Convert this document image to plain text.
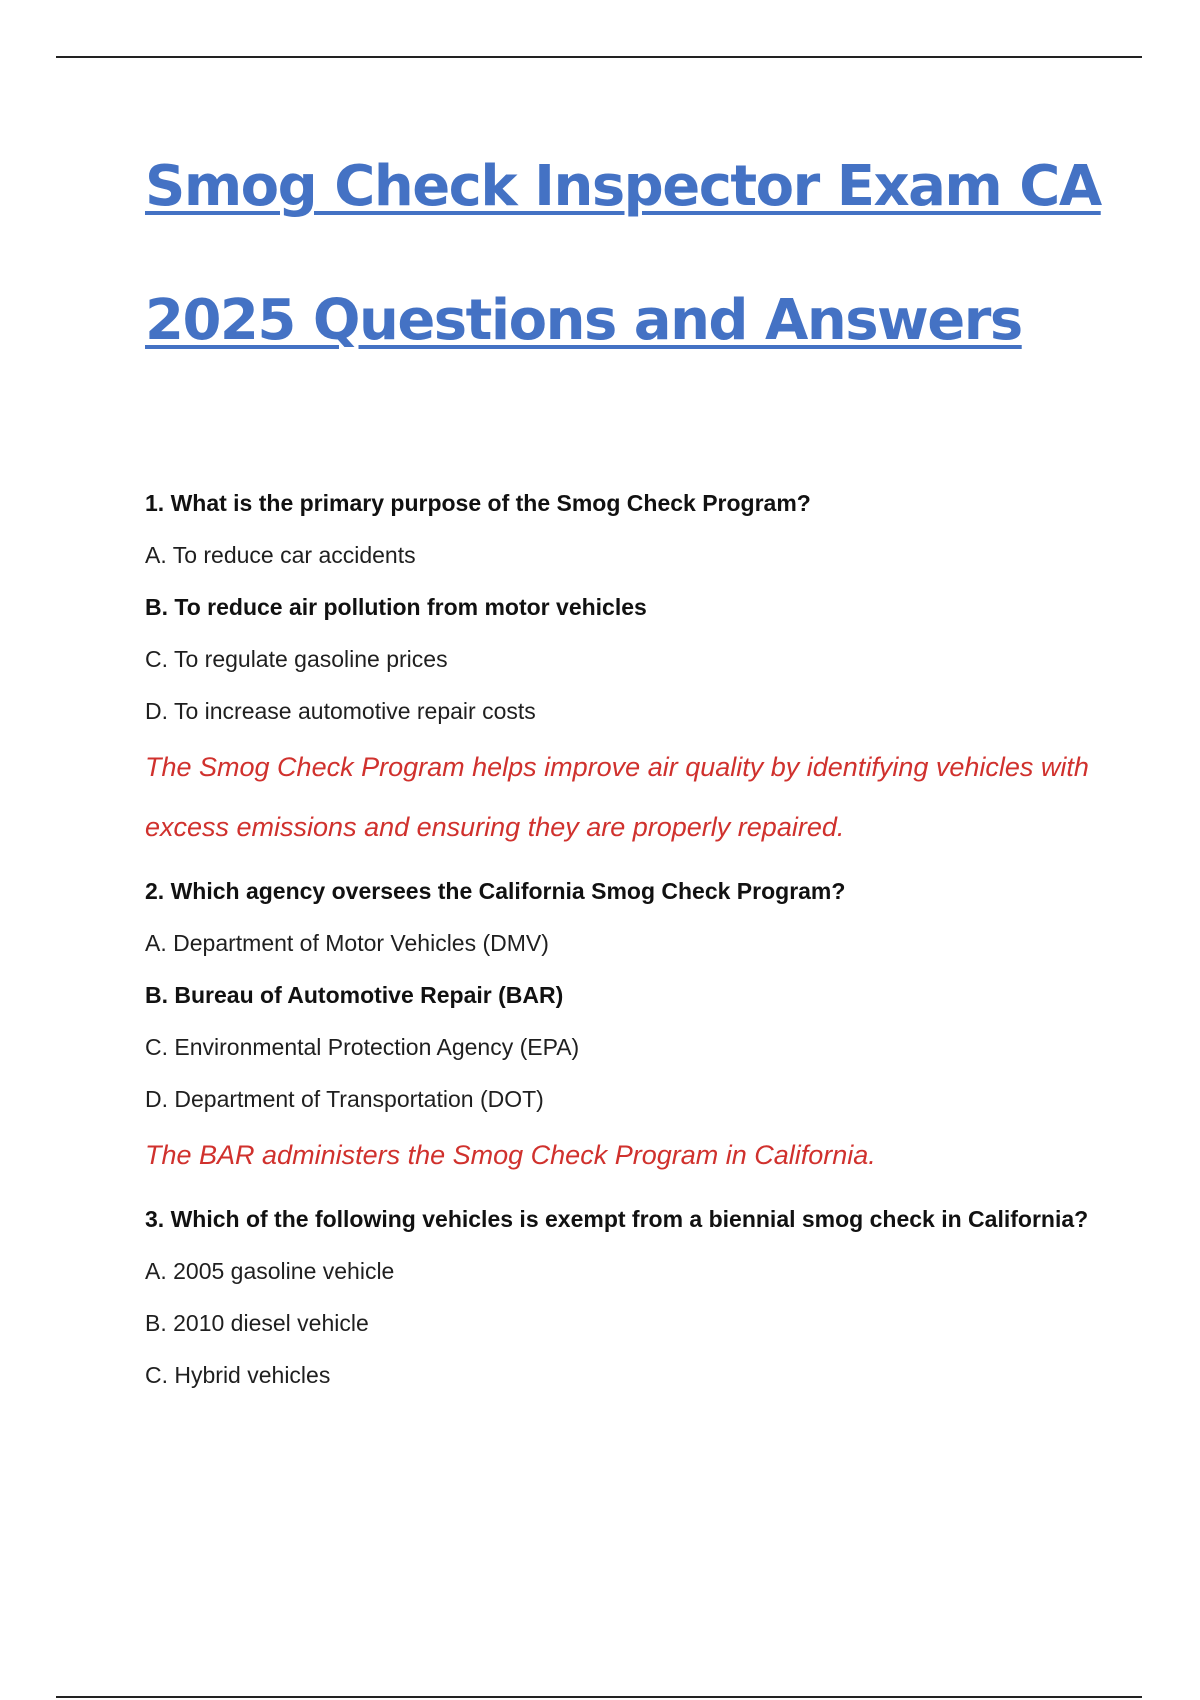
Smog Check Inspector Exam CA
2025 Questions and Answers
1. What is the primary purpose of the Smog Check Program?
A. To reduce car accidents
B. To reduce air pollution from motor vehicles
C. To regulate gasoline prices
D. To increase automotive repair costs
The Smog Check Program helps improve air quality by identifying vehicles with excess emissions and ensuring they are properly repaired.
2. Which agency oversees the California Smog Check Program?
A. Department of Motor Vehicles (DMV)
B. Bureau of Automotive Repair (BAR)
C. Environmental Protection Agency (EPA)
D. Department of Transportation (DOT)
The BAR administers the Smog Check Program in California.
3. Which of the following vehicles is exempt from a biennial smog check in California?
A. 2005 gasoline vehicle
B. 2010 diesel vehicle
C. Hybrid vehicles
